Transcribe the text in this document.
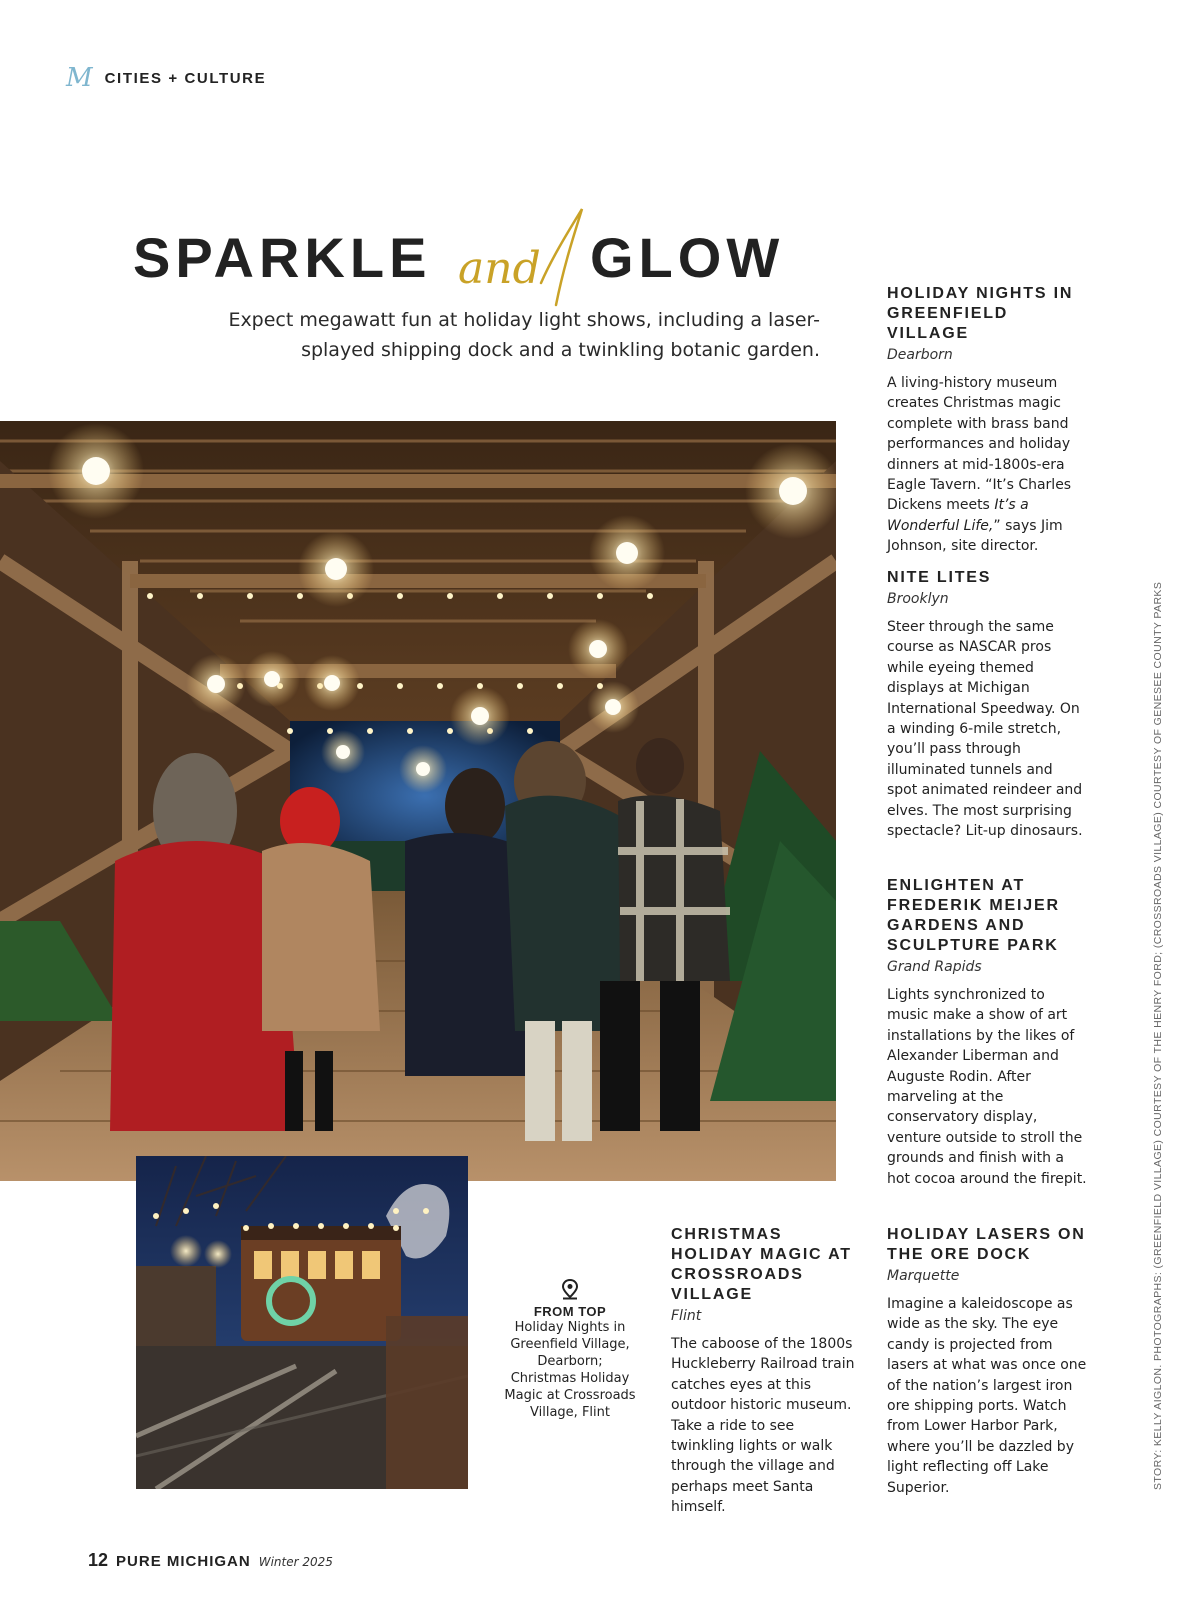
M CITIES + CULTURE
SPARKLE and GLOW
Expect megawatt fun at holiday light shows, including a laser-splayed shipping dock and a twinkling botanic garden.
FROM TOP
Holiday Nights in
Greenfield Village,
Dearborn;
Christmas Holiday
Magic at Crossroads
Village, Flint
HOLIDAY NIGHTS IN GREENFIELD VILLAGE
Dearborn

A living-history museum creates Christmas magic complete with brass band performances and holiday dinners at mid-1800s-era Eagle Tavern. “It’s Charles Dickens meets It’s a Wonderful Life,” says Jim Johnson, site director.

NITE LITES
Brooklyn

Steer through the same course as NASCAR pros while eyeing themed displays at Michigan International Speedway. On a winding 6-mile stretch, you’ll pass through illuminated tunnels and spot animated reindeer and elves. The most surprising spectacle? Lit-up dinosaurs.

ENLIGHTEN AT FREDERIK MEIJER GARDENS AND SCULPTURE PARK
Grand Rapids

Lights synchronized to music make a show of art installations by the likes of Alexander Liberman and Auguste Rodin. After marveling at the conservatory display, venture outside to stroll the grounds and finish with a hot cocoa around the firepit.

CHRISTMAS HOLIDAY MAGIC AT CROSSROADS VILLAGE
Flint

The caboose of the 1800s Huckleberry Railroad train catches eyes at this outdoor historic museum. Take a ride to see twinkling lights or walk through the village and perhaps meet Santa himself.

HOLIDAY LASERS ON THE ORE DOCK
Marquette

Imagine a kaleidoscope as wide as the sky. The eye candy is projected from lasers at what was once one of the nation’s largest iron ore shipping ports. Watch from Lower Harbor Park, where you’ll be dazzled by light reflecting off Lake Superior.	STORY: KELLY AIGLON. PHOTOGRAPHS: (GREENFIELD VILLAGE) COURTESY OF THE HENRY FORD; (CROSSROADS VILLAGE) COURTESY OF GENESEE COUNTY PARKS
12 PURE MICHIGAN Winter 2025
